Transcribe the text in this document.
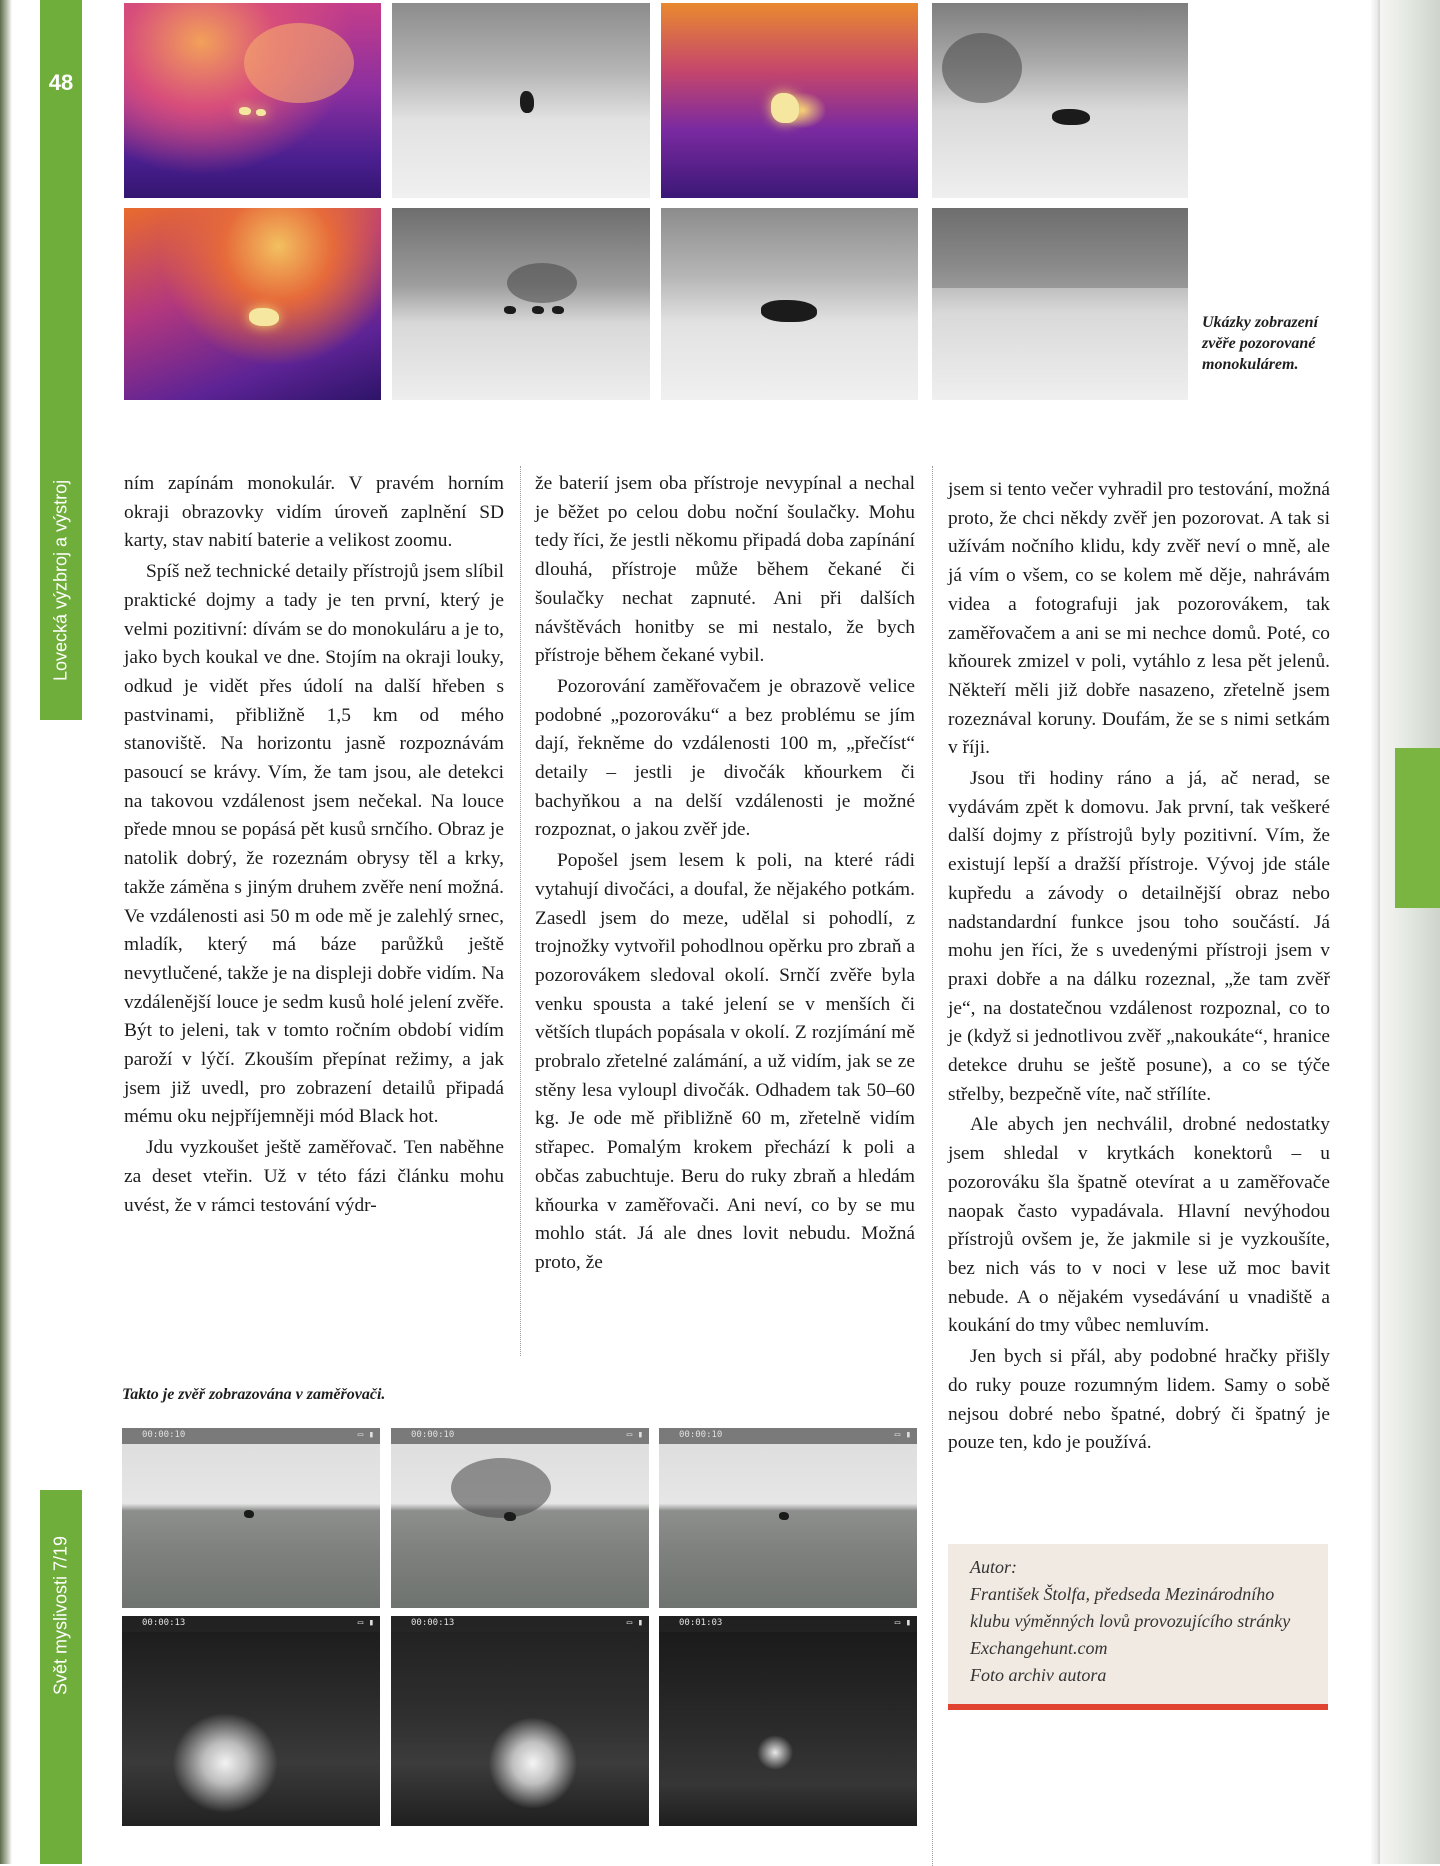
48
Lovecká výzbroj a výstroj
Svět myslivosti 7/19
Ukázky zobrazení zvěře pozorované monokulárem.

ním zapínám monokulár. V pravém horním okraji obrazovky vidím úroveň zaplnění SD karty, stav nabití baterie a velikost zoomu.

Spíš než technické detaily přístrojů jsem slíbil praktické dojmy a tady je ten první, který je velmi pozitivní: dívám se do monokuláru a je to, jako bych koukal ve dne. Stojím na okraji louky, odkud je vidět přes údolí na další hřeben s pastvinami, přibližně 1,5 km od mého stanoviště. Na horizontu jasně rozpoznávám pasoucí se krávy. Vím, že tam jsou, ale detekci na takovou vzdálenost jsem nečekal. Na louce přede mnou se popásá pět kusů srnčího. Obraz je natolik dobrý, že rozeznám obrysy těl a krky, takže záměna s jiným druhem zvěře není možná. Ve vzdálenosti asi 50 m ode mě je zalehlý srnec, mladík, který má báze parůžků ještě nevytlučené, takže je na displeji dobře vidím. Na vzdálenější louce je sedm kusů holé jelení zvěře. Být to jeleni, tak v tomto ročním období vidím paroží v lýčí. Zkouším přepínat režimy, a jak jsem již uvedl, pro zobrazení detailů připadá mému oku nejpříjemněji mód Black hot.

Jdu vyzkoušet ještě zaměřovač. Ten naběhne za deset vteřin. Už v této fázi článku mohu uvést, že v rámci testování výdr-

že baterií jsem oba přístroje nevypínal a nechal je běžet po celou dobu noční šoulačky. Mohu tedy říci, že jestli někomu připadá doba zapínání dlouhá, přístroje může během čekané či šoulačky nechat zapnuté. Ani při dalších návštěvách honitby se mi nestalo, že bych přístroje během čekané vybil.

Pozorování zaměřovačem je obrazově velice podobné „pozorováku“ a bez problému se jím dají, řekněme do vzdálenosti 100 m, „přečíst“ detaily – jestli je divočák kňourkem či bachyňkou a na delší vzdálenosti je možné rozpoznat, o jakou zvěř jde.

Popošel jsem lesem k poli, na které rádi vytahují divočáci, a doufal, že nějakého potkám. Zasedl jsem do meze, udělal si pohodlí, z trojnožky vytvořil pohodlnou opěrku pro zbraň a pozorovákem sledoval okolí. Srnčí zvěře byla venku spousta a také jelení se v menších či větších tlupách popásala v okolí. Z rozjímání mě probralo zřetelné zalámání, a už vidím, jak se ze stěny lesa vyloupl divočák. Odhadem tak 50–60 kg. Je ode mě přibližně 60 m, zřetelně vidím střapec. Pomalým krokem přechází k poli a občas zabuchtuje. Beru do ruky zbraň a hledám kňourka v zaměřovači. Ani neví, co by se mu mohlo stát. Já ale dnes lovit nebudu. Možná proto, že

jsem si tento večer vyhradil pro testování, možná proto, že chci někdy zvěř jen pozorovat. A tak si užívám nočního klidu, kdy zvěř neví o mně, ale já vím o všem, co se kolem mě děje, nahrávám videa a fotografuji jak pozorovákem, tak zaměřovačem a ani se mi nechce domů. Poté, co kňourek zmizel v poli, vytáhlo z lesa pět jelenů. Někteří měli již dobře nasazeno, zřetelně jsem rozeznával koruny. Doufám, že se s nimi setkám v říji.

Jsou tři hodiny ráno a já, ač nerad, se vydávám zpět k domovu. Jak první, tak veškeré další dojmy z přístrojů byly pozitivní. Vím, že existují lepší a dražší přístroje. Vývoj jde stále kupředu a závody o detailnější obraz nebo nadstandardní funkce jsou toho součástí. Já mohu jen říci, že s uvedenými přístroji jsem v praxi dobře a na dálku rozeznal, „že tam zvěř je“, na dostatečnou vzdálenost rozpoznal, co to je (když si jednotlivou zvěř „nakoukáte“, hranice detekce druhu se ještě posune), a co se týče střelby, bezpečně víte, nač střílíte.

Ale abych jen nechválil, drobné nedostatky jsem shledal v krytkách konektorů – u pozorováku šla špatně otevírat a u zaměřovače naopak často vypadávala. Hlavní nevýhodou přístrojů ovšem je, že jakmile si je vyzkoušíte, bez nich vás to v noci v lese už moc bavit nebude. A o nějakém vysedávání u vnadiště a koukání do tmy vůbec nemluvím.

Jen bych si přál, aby podobné hračky přišly do ruky pouze rozumným lidem. Samy o sobě nejsou dobré nebo špatné, dobrý či špatný je pouze ten, kdo je používá.

Takto je zvěř zobrazována v zaměřovači.
00:00:10	▭ ▮	00:00:10	▭ ▮	00:00:10	▭ ▮
00:00:13	▭ ▮	00:00:13	▭ ▮	00:01:03	▭ ▮
Autor:
František Štolfa, předseda Mezinárodního
klubu výměnných lovů provozujícího stránky
Exchangehunt.com
Foto archiv autora
